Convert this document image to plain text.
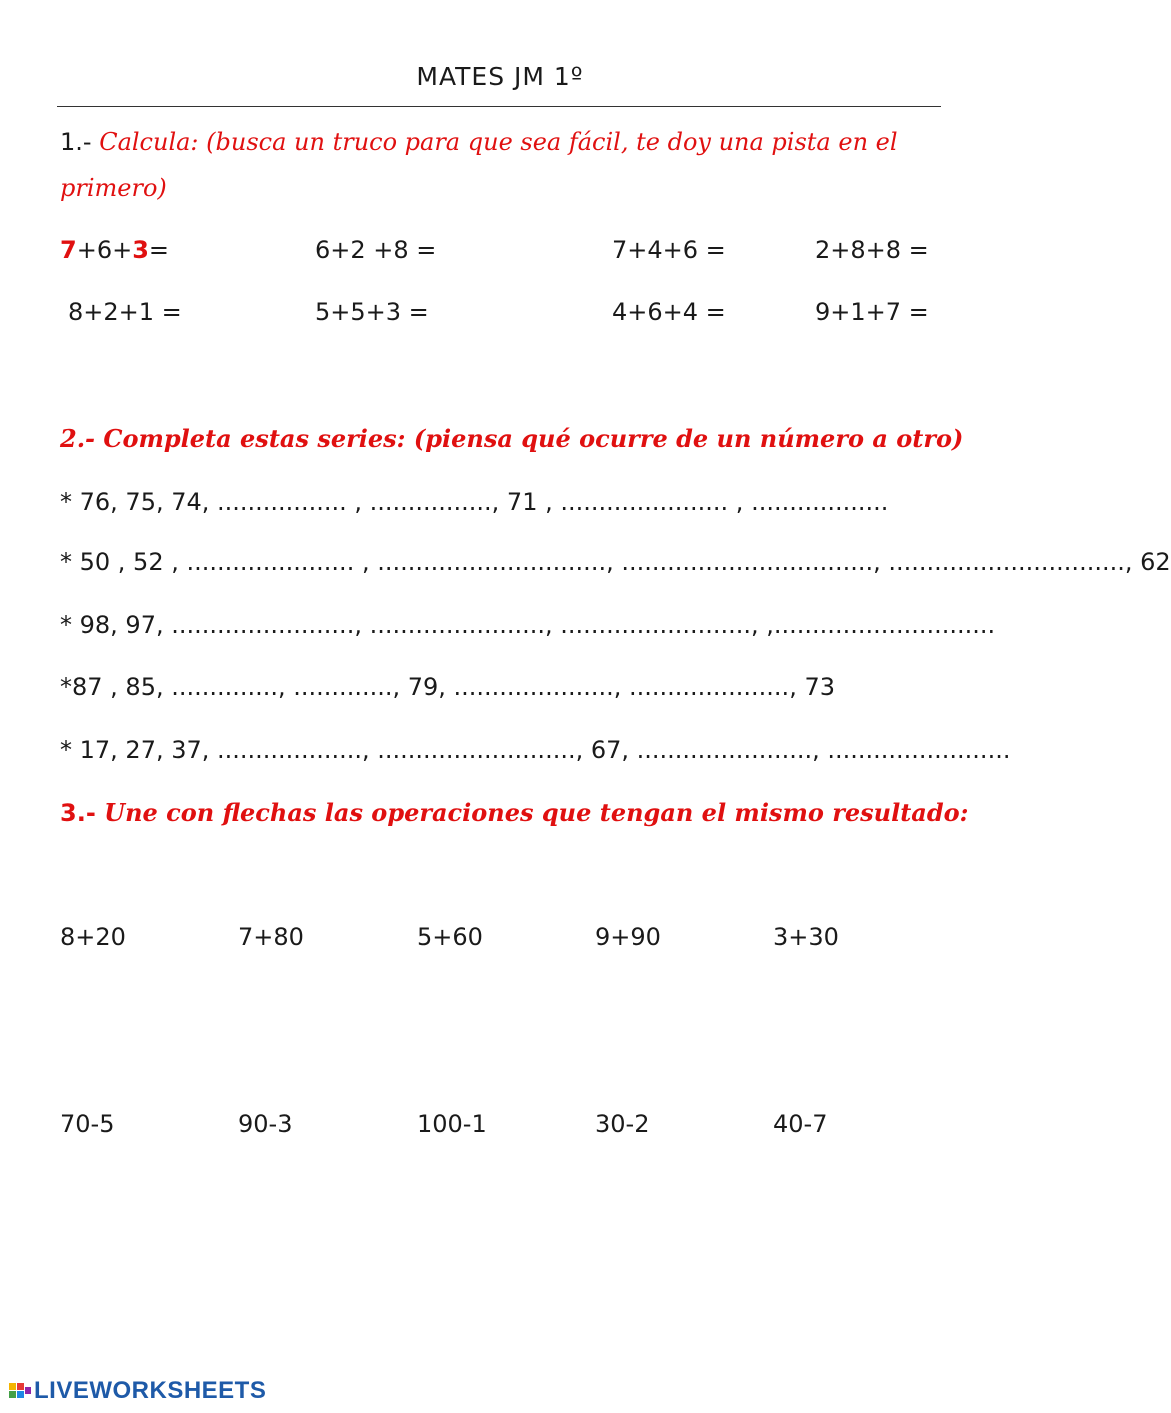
MATES JM 1º
1.- Calcula: (busca un truco para que sea fácil, te doy una pista en el
primero)
7+6+3=	6+2 +8 =	7+4+6 =	2+8+8 =
8+2+1 =	5+5+3 =	4+6+4 =	9+1+7 =
2.- Completa estas series: (piensa qué ocurre de un número a otro)
* 76, 75, 74, ................. , ................, 71 , ...................... , ..................
* 50 , 52 , ...................... , .............................., ................................., ..............................., 62
* 98, 97, ........................, ......................., ........................., ,.............................
*87 , 85, .............., ............., 79, ....................., ....................., 73
* 17, 27, 37, ..................., .........................., 67, ......................., ........................
3.- Une con flechas las operaciones que tengan el mismo resultado:
8+20	7+80	5+60	9+90	3+30
70-5	90-3	100-1	30-2	40-7
LIVEWORKSHEETS
